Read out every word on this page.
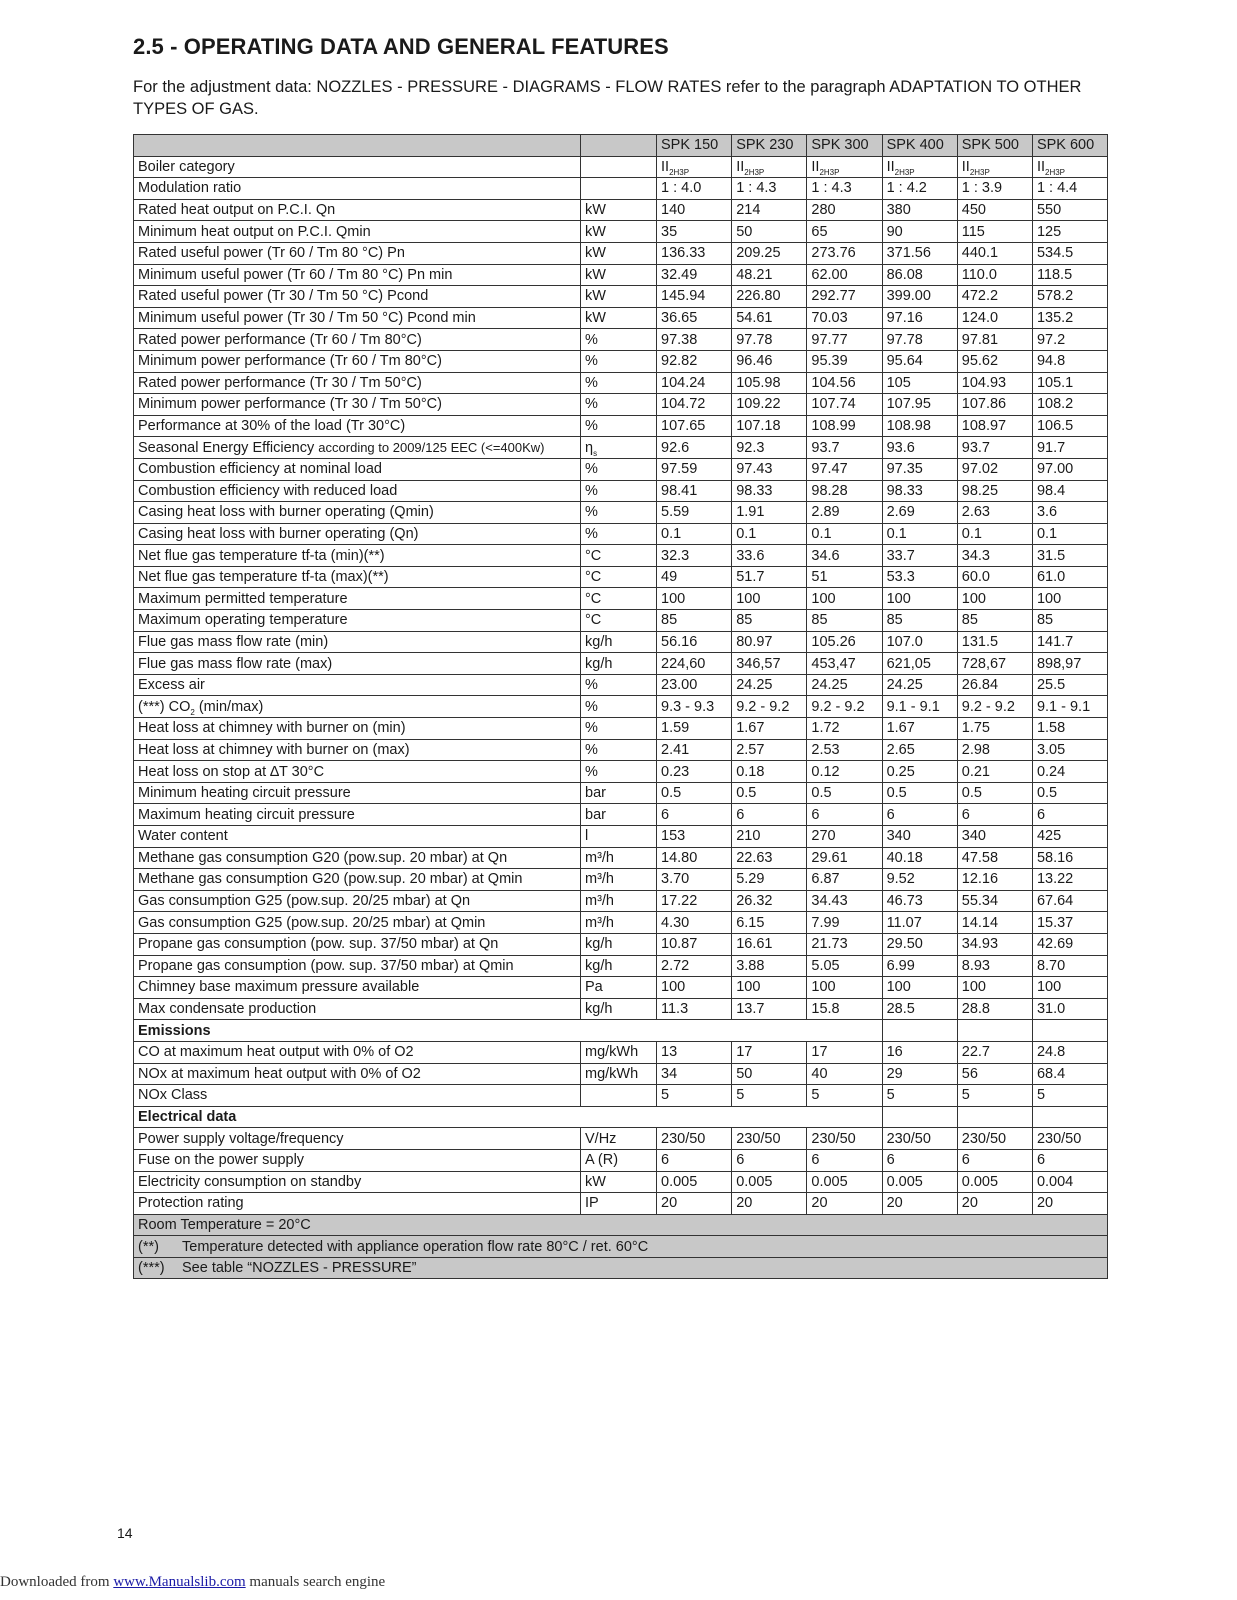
2.5 - OPERATING DATA AND GENERAL FEATURES

For the adjustment data: NOZZLES - PRESSURE - DIAGRAMS - FLOW RATES refer to the paragraph ADAPTATION TO OTHER TYPES OF GAS.

		SPK 150	SPK 230	SPK 300	SPK 400	SPK 500	SPK 600
Boiler category		$II_{2H3P}$	$II_{2H3P}$	$II_{2H3P}$	$II_{2H3P}$	$II_{2H3P}$	$II_{2H3P}$
Modulation ratio		1 : 4.0	1 : 4.3	1 : 4.3	1 : 4.2	1 : 3.9	1 : 4.4
Rated heat output on P.C.I. Qn	kW	140	214	280	380	450	550
Minimum heat output on P.C.I. Qmin	kW	35	50	65	90	115	125
Rated useful power (Tr 60 / Tm 80 °C) Pn	kW	136.33	209.25	273.76	371.56	440.1	534.5
Minimum useful power (Tr 60 / Tm 80 °C) Pn min	kW	32.49	48.21	62.00	86.08	110.0	118.5
Rated useful power (Tr 30 / Tm 50 °C) Pcond	kW	145.94	226.80	292.77	399.00	472.2	578.2
Minimum useful power (Tr 30 / Tm 50 °C) Pcond min	kW	36.65	54.61	70.03	97.16	124.0	135.2
Rated power performance (Tr 60 / Tm 80°C)	%	97.38	97.78	97.77	97.78	97.81	97.2
Minimum power performance (Tr 60 / Tm 80°C)	%	92.82	96.46	95.39	95.64	95.62	94.8
Rated power performance (Tr 30 / Tm 50°C)	%	104.24	105.98	104.56	105	104.93	105.1
Minimum power performance (Tr 30 / Tm 50°C)	%	104.72	109.22	107.74	107.95	107.86	108.2
Performance at 30% of the load (Tr 30°C)	%	107.65	107.18	108.99	108.98	108.97	106.5
Seasonal Energy Efficiency according to 2009/125 EEC (<=400Kw)	$\eta_s$	92.6	92.3	93.7	93.6	93.7	91.7
Combustion efficiency at nominal load	%	97.59	97.43	97.47	97.35	97.02	97.00
Combustion efficiency with reduced load	%	98.41	98.33	98.28	98.33	98.25	98.4
Casing heat loss with burner operating (Qmin)	%	5.59	1.91	2.89	2.69	2.63	3.6
Casing heat loss with burner operating (Qn)	%	0.1	0.1	0.1	0.1	0.1	0.1
Net flue gas temperature tf-ta (min)(**)	°C	32.3	33.6	34.6	33.7	34.3	31.5
Net flue gas temperature tf-ta (max)(**)	°C	49	51.7	51	53.3	60.0	61.0
Maximum permitted temperature	°C	100	100	100	100	100	100
Maximum operating temperature	°C	85	85	85	85	85	85
Flue gas mass flow rate (min)	kg/h	56.16	80.97	105.26	107.0	131.5	141.7
Flue gas mass flow rate (max)	kg/h	224,60	346,57	453,47	621,05	728,67	898,97
Excess air	%	23.00	24.25	24.25	24.25	26.84	25.5
(***) $CO_2$ (min/max)	%	9.3 - 9.3	9.2 - 9.2	9.2 - 9.2	9.1 - 9.1	9.2 - 9.2	9.1 - 9.1
Heat loss at chimney with burner on (min)	%	1.59	1.67	1.72	1.67	1.75	1.58
Heat loss at chimney with burner on (max)	%	2.41	2.57	2.53	2.65	2.98	3.05
Heat loss on stop at ∆T 30°C	%	0.23	0.18	0.12	0.25	0.21	0.24
Minimum heating circuit pressure	bar	0.5	0.5	0.5	0.5	0.5	0.5
Maximum heating circuit pressure	bar	6	6	6	6	6	6
Water content	l	153	210	270	340	340	425
Methane gas consumption G20 (pow.sup. 20 mbar) at Qn	m³/h	14.80	22.63	29.61	40.18	47.58	58.16
Methane gas consumption G20 (pow.sup. 20 mbar) at Qmin	m³/h	3.70	5.29	6.87	9.52	12.16	13.22
Gas consumption G25 (pow.sup. 20/25 mbar) at Qn	m³/h	17.22	26.32	34.43	46.73	55.34	67.64
Gas consumption G25 (pow.sup. 20/25 mbar) at Qmin	m³/h	4.30	6.15	7.99	11.07	14.14	15.37
Propane gas consumption (pow. sup. 37/50 mbar) at Qn	kg/h	10.87	16.61	21.73	29.50	34.93	42.69
Propane gas consumption (pow. sup. 37/50 mbar) at Qmin	kg/h	2.72	3.88	5.05	6.99	8.93	8.70
Chimney base maximum pressure available	Pa	100	100	100	100	100	100
Max condensate production	kg/h	11.3	13.7	15.8	28.5	28.8	31.0
Emissions							
CO at maximum heat output with 0% of O2	mg/kWh	13	17	17	16	22.7	24.8
NOx at maximum heat output with 0% of O2	mg/kWh	34	50	40	29	56	68.4
NOx Class		5	5	5	5	5	5
Electrical data							
Power supply voltage/frequency	V/Hz	230/50	230/50	230/50	230/50	230/50	230/50
Fuse on the power supply	A (R)	6	6	6	6	6	6
Electricity consumption on standby	kW	0.005	0.005	0.005	0.005	0.005	0.004
Protection rating	IP	20	20	20	20	20	20
Room Temperature = 20°C							
(**) Temperature detected with appliance operation flow rate 80°C / ret. 60°C							
(***) See table “NOZZLES - PRESSURE”							
14
Downloaded from www.Manualslib.com manuals search engine
